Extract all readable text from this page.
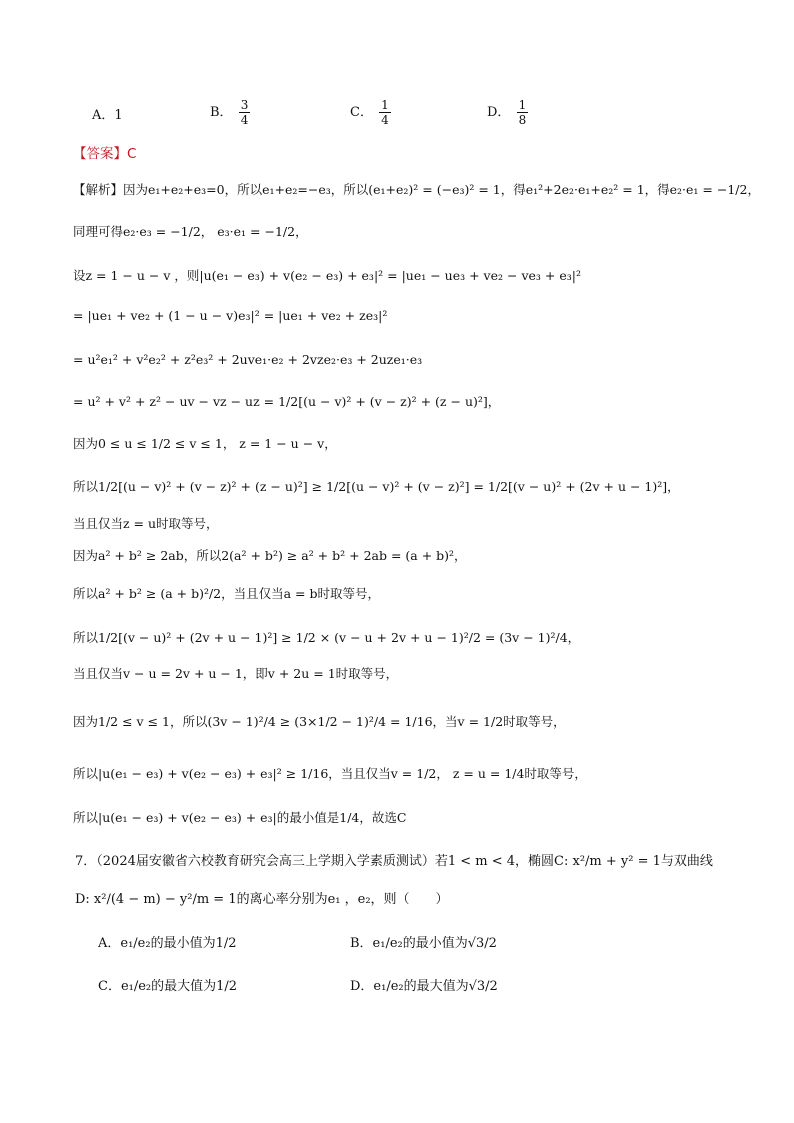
A．1	B． $\frac{3}{4}$	C． $\frac{1}{4}$	D． $\frac{1}{8}$
【答案】C
【解析】因为e₁+e₂+e₃=0，所以e₁+e₂=−e₃，所以(e₁+e₂)² = (−e₃)² = 1，得e₁²+2e₂·e₁+e₂² = 1，得e₂·e₁ = −1/2，
同理可得e₂·e₃ = −1/2， e₃·e₁ = −1/2，
设z = 1 − u − v ，则|u(e₁ − e₃) + v(e₂ − e₃) + e₃|² = |ue₁ − ue₃ + ve₂ − ve₃ + e₃|²
= |ue₁ + ve₂ + (1 − u − v)e₃|² = |ue₁ + ve₂ + ze₃|²
= u²e₁² + v²e₂² + z²e₃² + 2uve₁·e₂ + 2vze₂·e₃ + 2uze₁·e₃
= u² + v² + z² − uv − vz − uz = 1/2[(u − v)² + (v − z)² + (z − u)²]，
因为0 ≤ u ≤ 1/2 ≤ v ≤ 1， z = 1 − u − v，
所以1/2[(u − v)² + (v − z)² + (z − u)²] ≥ 1/2[(u − v)² + (v − z)²] = 1/2[(v − u)² + (2v + u − 1)²]，
当且仅当z = u时取等号，
因为a² + b² ≥ 2ab，所以2(a² + b²) ≥ a² + b² + 2ab = (a + b)²，
所以a² + b² ≥ (a + b)²/2，当且仅当a = b时取等号，
所以1/2[(v − u)² + (2v + u − 1)²] ≥ 1/2 × (v − u + 2v + u − 1)²/2 = (3v − 1)²/4，
当且仅当v − u = 2v + u − 1，即v + 2u = 1时取等号，
因为1/2 ≤ v ≤ 1，所以(3v − 1)²/4 ≥ (3×1/2 − 1)²/4 = 1/16，当v = 1/2时取等号，
所以|u(e₁ − e₃) + v(e₂ − e₃) + e₃|² ≥ 1/16，当且仅当v = 1/2， z = u = 1/4时取等号，
所以|u(e₁ − e₃) + v(e₂ − e₃) + e₃|的最小值是1/4，故选C
7．（2024届安徽省六校教育研究会高三上学期入学素质测试）若1 < m < 4，椭圆C: x²/m + y² = 1与双曲线
D: x²/(4 − m) − y²/m = 1的离心率分别为e₁ ，e₂，则（　　）
A．e₁/e₂的最小值为1/2	B．e₁/e₂的最小值为√3/2
C．e₁/e₂的最大值为1/2	D．e₁/e₂的最大值为√3/2
